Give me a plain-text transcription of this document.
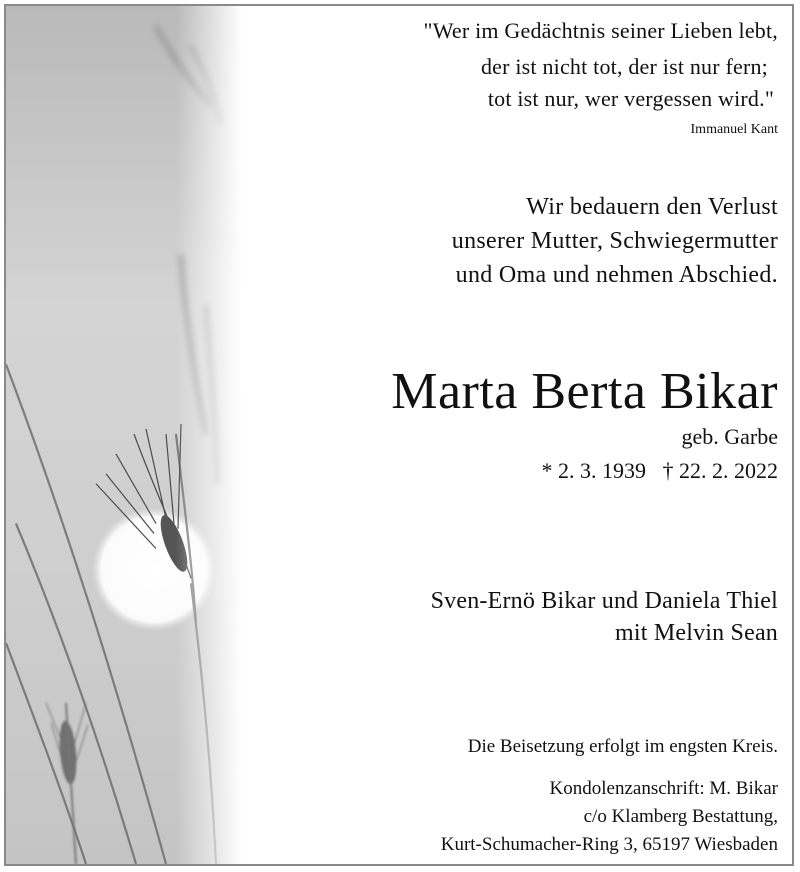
"Wer im Gedächtnis seiner Lieben lebt,
der ist nicht tot, der ist nur fern;
tot ist nur, wer vergessen wird."
Immanuel Kant
Wir bedauern den Verlust
unserer Mutter, Schwiegermutter
und Oma und nehmen Abschied.
Marta Berta Bikar
geb. Garbe
* 2. 3. 1939   † 22. 2. 2022
Sven-Ernö Bikar und Daniela Thiel
mit Melvin Sean
Die Beisetzung erfolgt im engsten Kreis.
Kondolenzanschrift: M. Bikar
c/o Klamberg Bestattung,
Kurt-Schumacher-Ring 3, 65197 Wiesbaden
